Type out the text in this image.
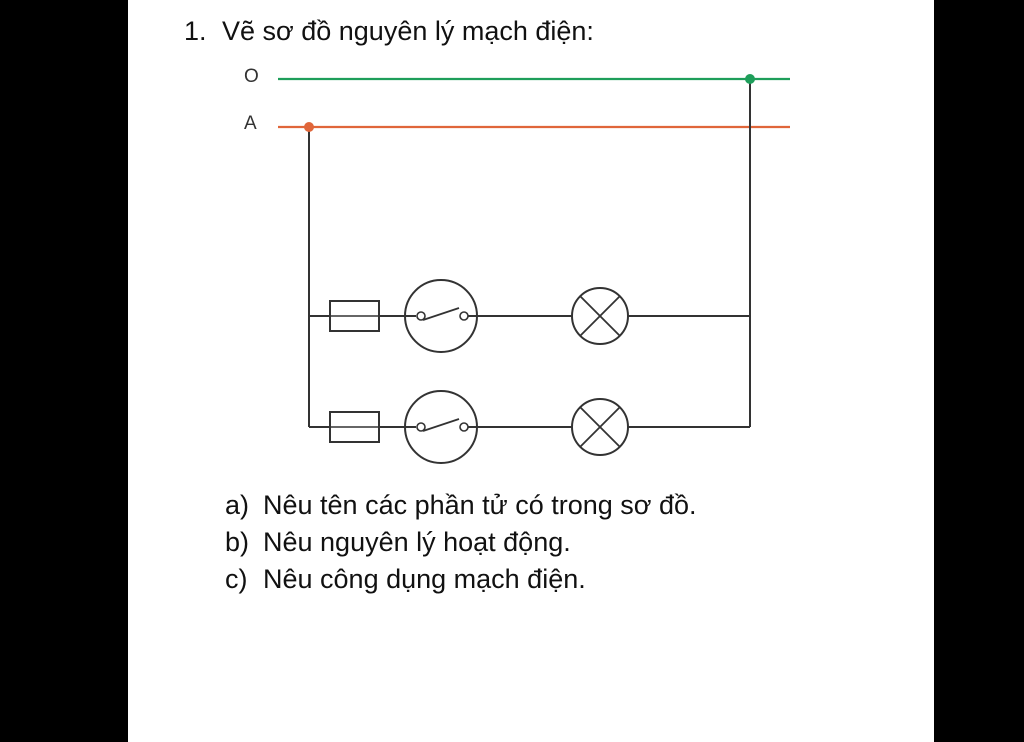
1. Vẽ sơ đồ nguyên lý mạch điện:
O
A
a) Nêu tên các phần tử có trong sơ đồ.
b) Nêu nguyên lý hoạt động.
c) Nêu công dụng mạch điện.
